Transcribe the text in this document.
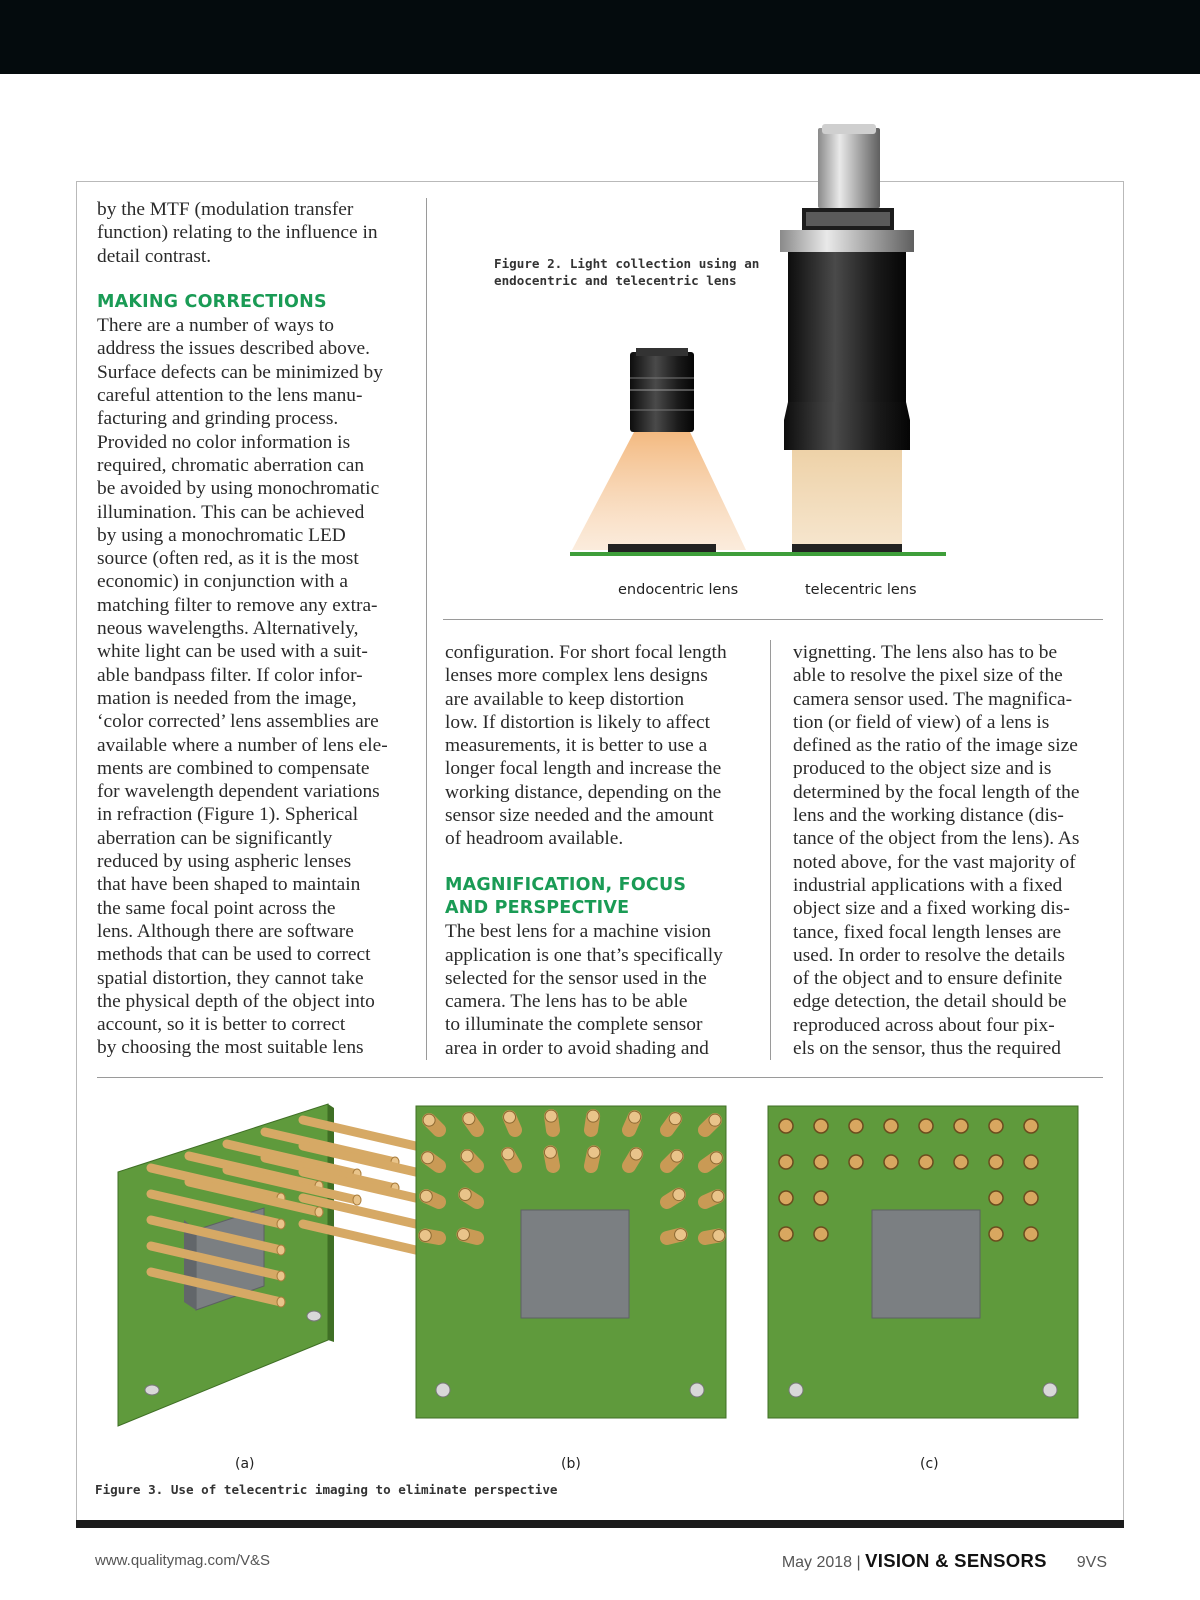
by the MTF (modulation transfer

function) relating to the influence in

detail contrast.

MAKING CORRECTIONS

There are a number of ways to

address the issues described above.

Surface defects can be minimized by

careful attention to the lens manu-

facturing and grinding process.

Provided no color information is

required, chromatic aberration can

be avoided by using monochromatic

illumination. This can be achieved

by using a monochromatic LED

source (often red, as it is the most

economic) in conjunction with a

matching filter to remove any extra-

neous wavelengths. Alternatively,

white light can be used with a suit-

able bandpass filter. If color infor-

mation is needed from the image,

‘color corrected’ lens assemblies are

available where a number of lens ele-

ments are combined to compensate

for wavelength dependent variations

in refraction (Figure 1). Spherical

aberration can be significantly

reduced by using aspheric lenses

that have been shaped to maintain

the same focal point across the

lens. Although there are software

methods that can be used to correct

spatial distortion, they cannot take

the physical depth of the object into

account, so it is better to correct

by choosing the most suitable lens

Figure 2. Light collection using an
endocentric and telecentric lens
endocentric lens	telecentric lens

configuration. For short focal length

lenses more complex lens designs

are available to keep distortion

low. If distortion is likely to affect

measurements, it is better to use a

longer focal length and increase the

working distance, depending on the

sensor size needed and the amount

of headroom available.

MAGNIFICATION, FOCUS
AND PERSPECTIVE

The best lens for a machine vision

application is one that’s specifically

selected for the sensor used in the

camera. The lens has to be able

to illuminate the complete sensor

area in order to avoid shading and

vignetting. The lens also has to be

able to resolve the pixel size of the

camera sensor used. The magnifica-

tion (or field of view) of a lens is

defined as the ratio of the image size

produced to the object size and is

determined by the focal length of the

lens and the working distance (dis-

tance of the object from the lens). As

noted above, for the vast majority of

industrial applications with a fixed

object size and a fixed working dis-

tance, fixed focal length lenses are

used. In order to resolve the details

of the object and to ensure definite

edge detection, the detail should be

reproduced across about four pix-

els on the sensor, thus the required

(a)	(b)	(c)
Figure 3. Use of telecentric imaging to eliminate perspective
www.qualitymag.com/V&S	May 2018 | VISION & SENSORS 9VS
